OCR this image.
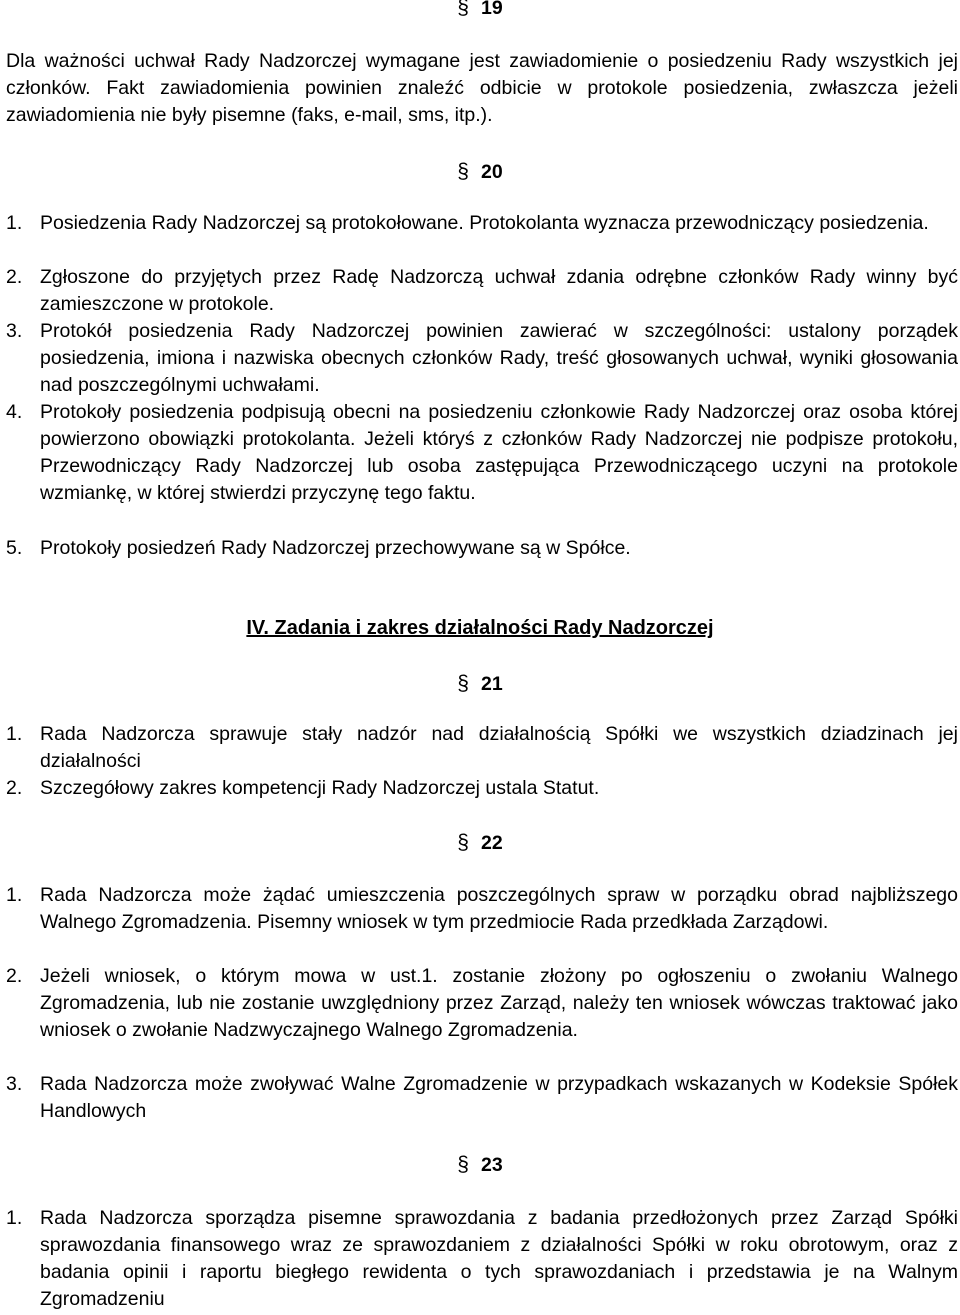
§ 19
Dla ważności uchwał Rady Nadzorczej wymagane jest zawiadomienie o posiedzeniu Rady wszystkich jej członków. Fakt zawiadomienia powinien znaleźć odbicie w protokole posiedzenia, zwłaszcza jeżeli zawiadomienia nie były pisemne (faks, e-mail, sms, itp.).
§ 20
1. Posiedzenia Rady Nadzorczej są protokołowane. Protokolanta wyznacza przewodniczący posiedzenia.
2. Zgłoszone do przyjętych przez Radę Nadzorczą uchwał zdania odrębne członków Rady winny być zamieszczone w protokole.
3. Protokół posiedzenia Rady Nadzorczej powinien zawierać w szczególności: ustalony porządek posiedzenia, imiona i nazwiska obecnych członków Rady, treść głosowanych uchwał, wyniki głosowania nad poszczególnymi uchwałami.
4. Protokoły posiedzenia podpisują obecni na posiedzeniu członkowie Rady Nadzorczej oraz osoba której powierzono obowiązki protokolanta. Jeżeli któryś z członków Rady Nadzorczej nie podpisze protokołu, Przewodniczący Rady Nadzorczej lub osoba zastępująca Przewodniczącego uczyni na protokole wzmiankę, w której stwierdzi przyczynę tego faktu.
5. Protokoły posiedzeń Rady Nadzorczej przechowywane są w Spółce.
IV. Zadania i zakres działalności Rady Nadzorczej
§ 21
1. Rada Nadzorcza sprawuje stały nadzór nad działalnością Spółki we wszystkich dziadzinach jej działalności
2. Szczegółowy zakres kompetencji Rady Nadzorczej ustala Statut.
§ 22
1. Rada Nadzorcza może żądać umieszczenia poszczególnych spraw w porządku obrad najbliższego Walnego Zgromadzenia. Pisemny wniosek w tym przedmiocie Rada przedkłada Zarządowi.
2. Jeżeli wniosek, o którym mowa w ust.1. zostanie złożony po ogłoszeniu o zwołaniu Walnego Zgromadzenia, lub nie zostanie uwzględniony przez Zarząd, należy ten wniosek wówczas traktować jako wniosek o zwołanie Nadzwyczajnego Walnego Zgromadzenia.
3. Rada Nadzorcza może zwoływać Walne Zgromadzenie w przypadkach wskazanych w Kodeksie Spółek Handlowych
§ 23
1. Rada Nadzorcza sporządza pisemne sprawozdania z badania przedłożonych przez Zarząd Spółki sprawozdania finansowego wraz ze sprawozdaniem z działalności Spółki w roku obrotowym, oraz z badania opinii i raportu biegłego rewidenta o tych sprawozdaniach i przedstawia je na Walnym Zgromadzeniu
